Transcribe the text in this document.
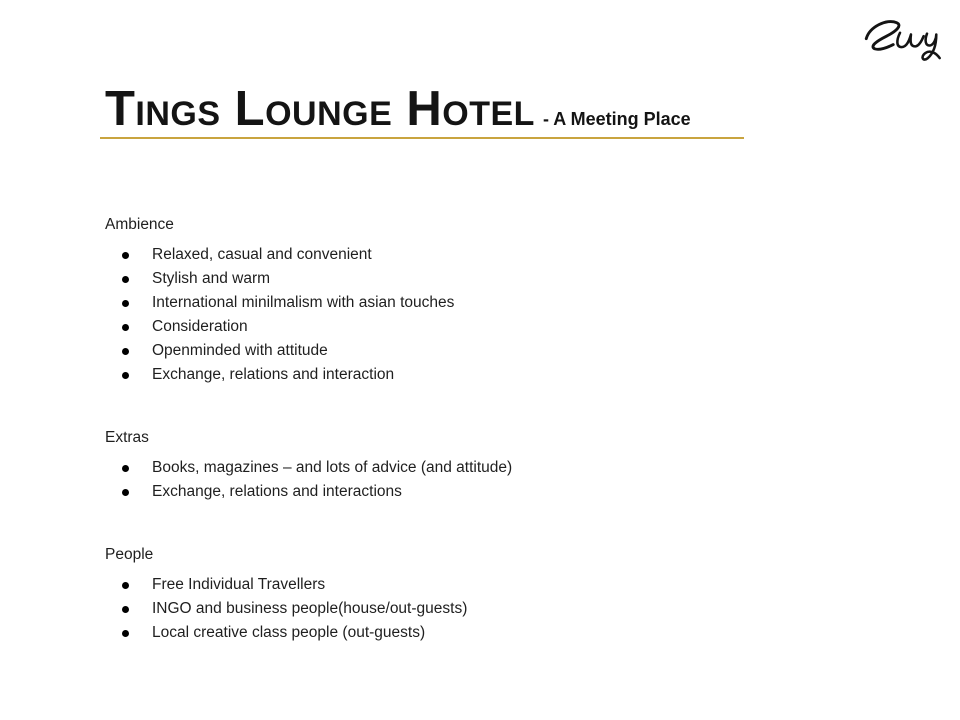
Tings Lounge Hotel - A Meeting Place
Ambience
Relaxed, casual and convenient
Stylish and warm
International minilmalism with asian touches
Consideration
Openminded with attitude
Exchange, relations and interaction
Extras
Books, magazines – and lots of advice (and attitude)
Exchange, relations and interactions
People
Free Individual Travellers
INGO and business people(house/out-guests)
Local creative class people (out-guests)
